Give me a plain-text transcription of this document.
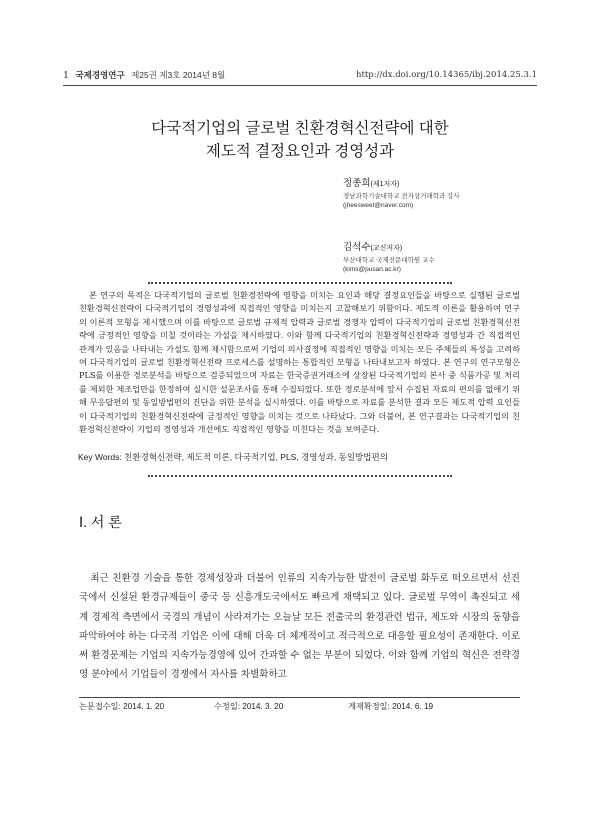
1 국제경영연구 제25권 제3호 2014년 8월	http://dx.doi.org/10.14365/ibj.2014.25.3.1
다국적기업의 글로벌 친환경혁신전략에 대한
제도적 결정요인과 경영성과
정종희(제1저자)
경남과학기술대학교 전자상거래학과 강사
(jheesweet@naver.com)
김석수(교신저자)
부산대학교 국제전문대학원 교수
(kims@pusan.ac.kr)
본 연구의 목적은 다국적기업의 글로벌 친환경전략에 영향을 미치는 요인과 해당 결정요인들을 바탕으로 실행된 글로벌 친환경혁신전략이 다국적기업의 경영성과에 직접적인 영향을 미치는지 고찰해보기 위함이다. 제도적 이론을 활용하여 연구의 이론적 모형을 제시했으며 이를 바탕으로 글로벌 규제적 압력과 글로벌 경쟁자 압력이 다국적기업의 글로벌 친환경혁신전략에 긍정적인 영향을 미칠 것이라는 가설을 제시하였다. 이와 함께 다국적기업의 친환경혁신전략과 경영성과 간 직접적인 관계가 있음을 나타내는 가설도 함께 제시함으로써 기업의 의사결정에 직접적인 영향을 미치는 모든 주체들의 특성을 고려하여 다국적기업의 글로벌 친환경혁신전략 프로세스를 설명하는 통합적인 모형을 나타내보고자 하였다. 본 연구의 연구모형은 PLS를 이용한 경로분석을 바탕으로 검증되었으며 자료는 한국증권거래소에 상장된 다국적기업의 본사 중 식품가공 및 처리를 제외한 제조업만을 한정하여 실시한 설문조사를 통해 수집되었다. 또한 경로분석에 앞서 수집된 자료의 편의를 없애기 위해 무응답편의 및 동일방법편의 진단을 위한 분석을 실시하였다. 이를 바탕으로 자료를 분석한 결과 모든 제도적 압력 요인들이 다국적기업의 친환경혁신전략에 긍정적인 영향을 미치는 것으로 나타났다. 그와 더불어, 본 연구결과는 다국적기업의 친환경혁신전략이 기업의 경영성과 개선에도 직접적인 영향을 미친다는 것을 보여준다.
Key Words: 친환경혁신전략, 제도적 이론, 다국적기업, PLS, 경영성과, 동일방법편의
Ⅰ. 서 론
최근 친환경 기술을 통한 경제성장과 더불어 인류의 지속가능한 발전이 글로벌 화두로 떠오르면서 선진국에서 신설된 환경규제들이 중국 등 신흥개도국에서도 빠르게 채택되고 있다. 글로벌 무역이 촉진되고 세계 경제적 측면에서 국경의 개념이 사라져가는 오늘날 모든 전출국의 환경관련 법규, 제도와 시장의 동향을 파악하여야 하는 다국적 기업은 이에 대해 더욱 더 체계적이고 적극적으로 대응할 필요성이 존재한다. 이로써 환경문제는 기업의 지속가능경영에 있어 간과할 수 없는 부분이 되었다. 이와 함께 기업의 혁신은 전략경영 분야에서 기업들이 경쟁에서 자사를 차별화하고
논문접수일: 2014. 1. 20	수정일: 2014. 3. 20	게재확정일: 2014. 6. 19
